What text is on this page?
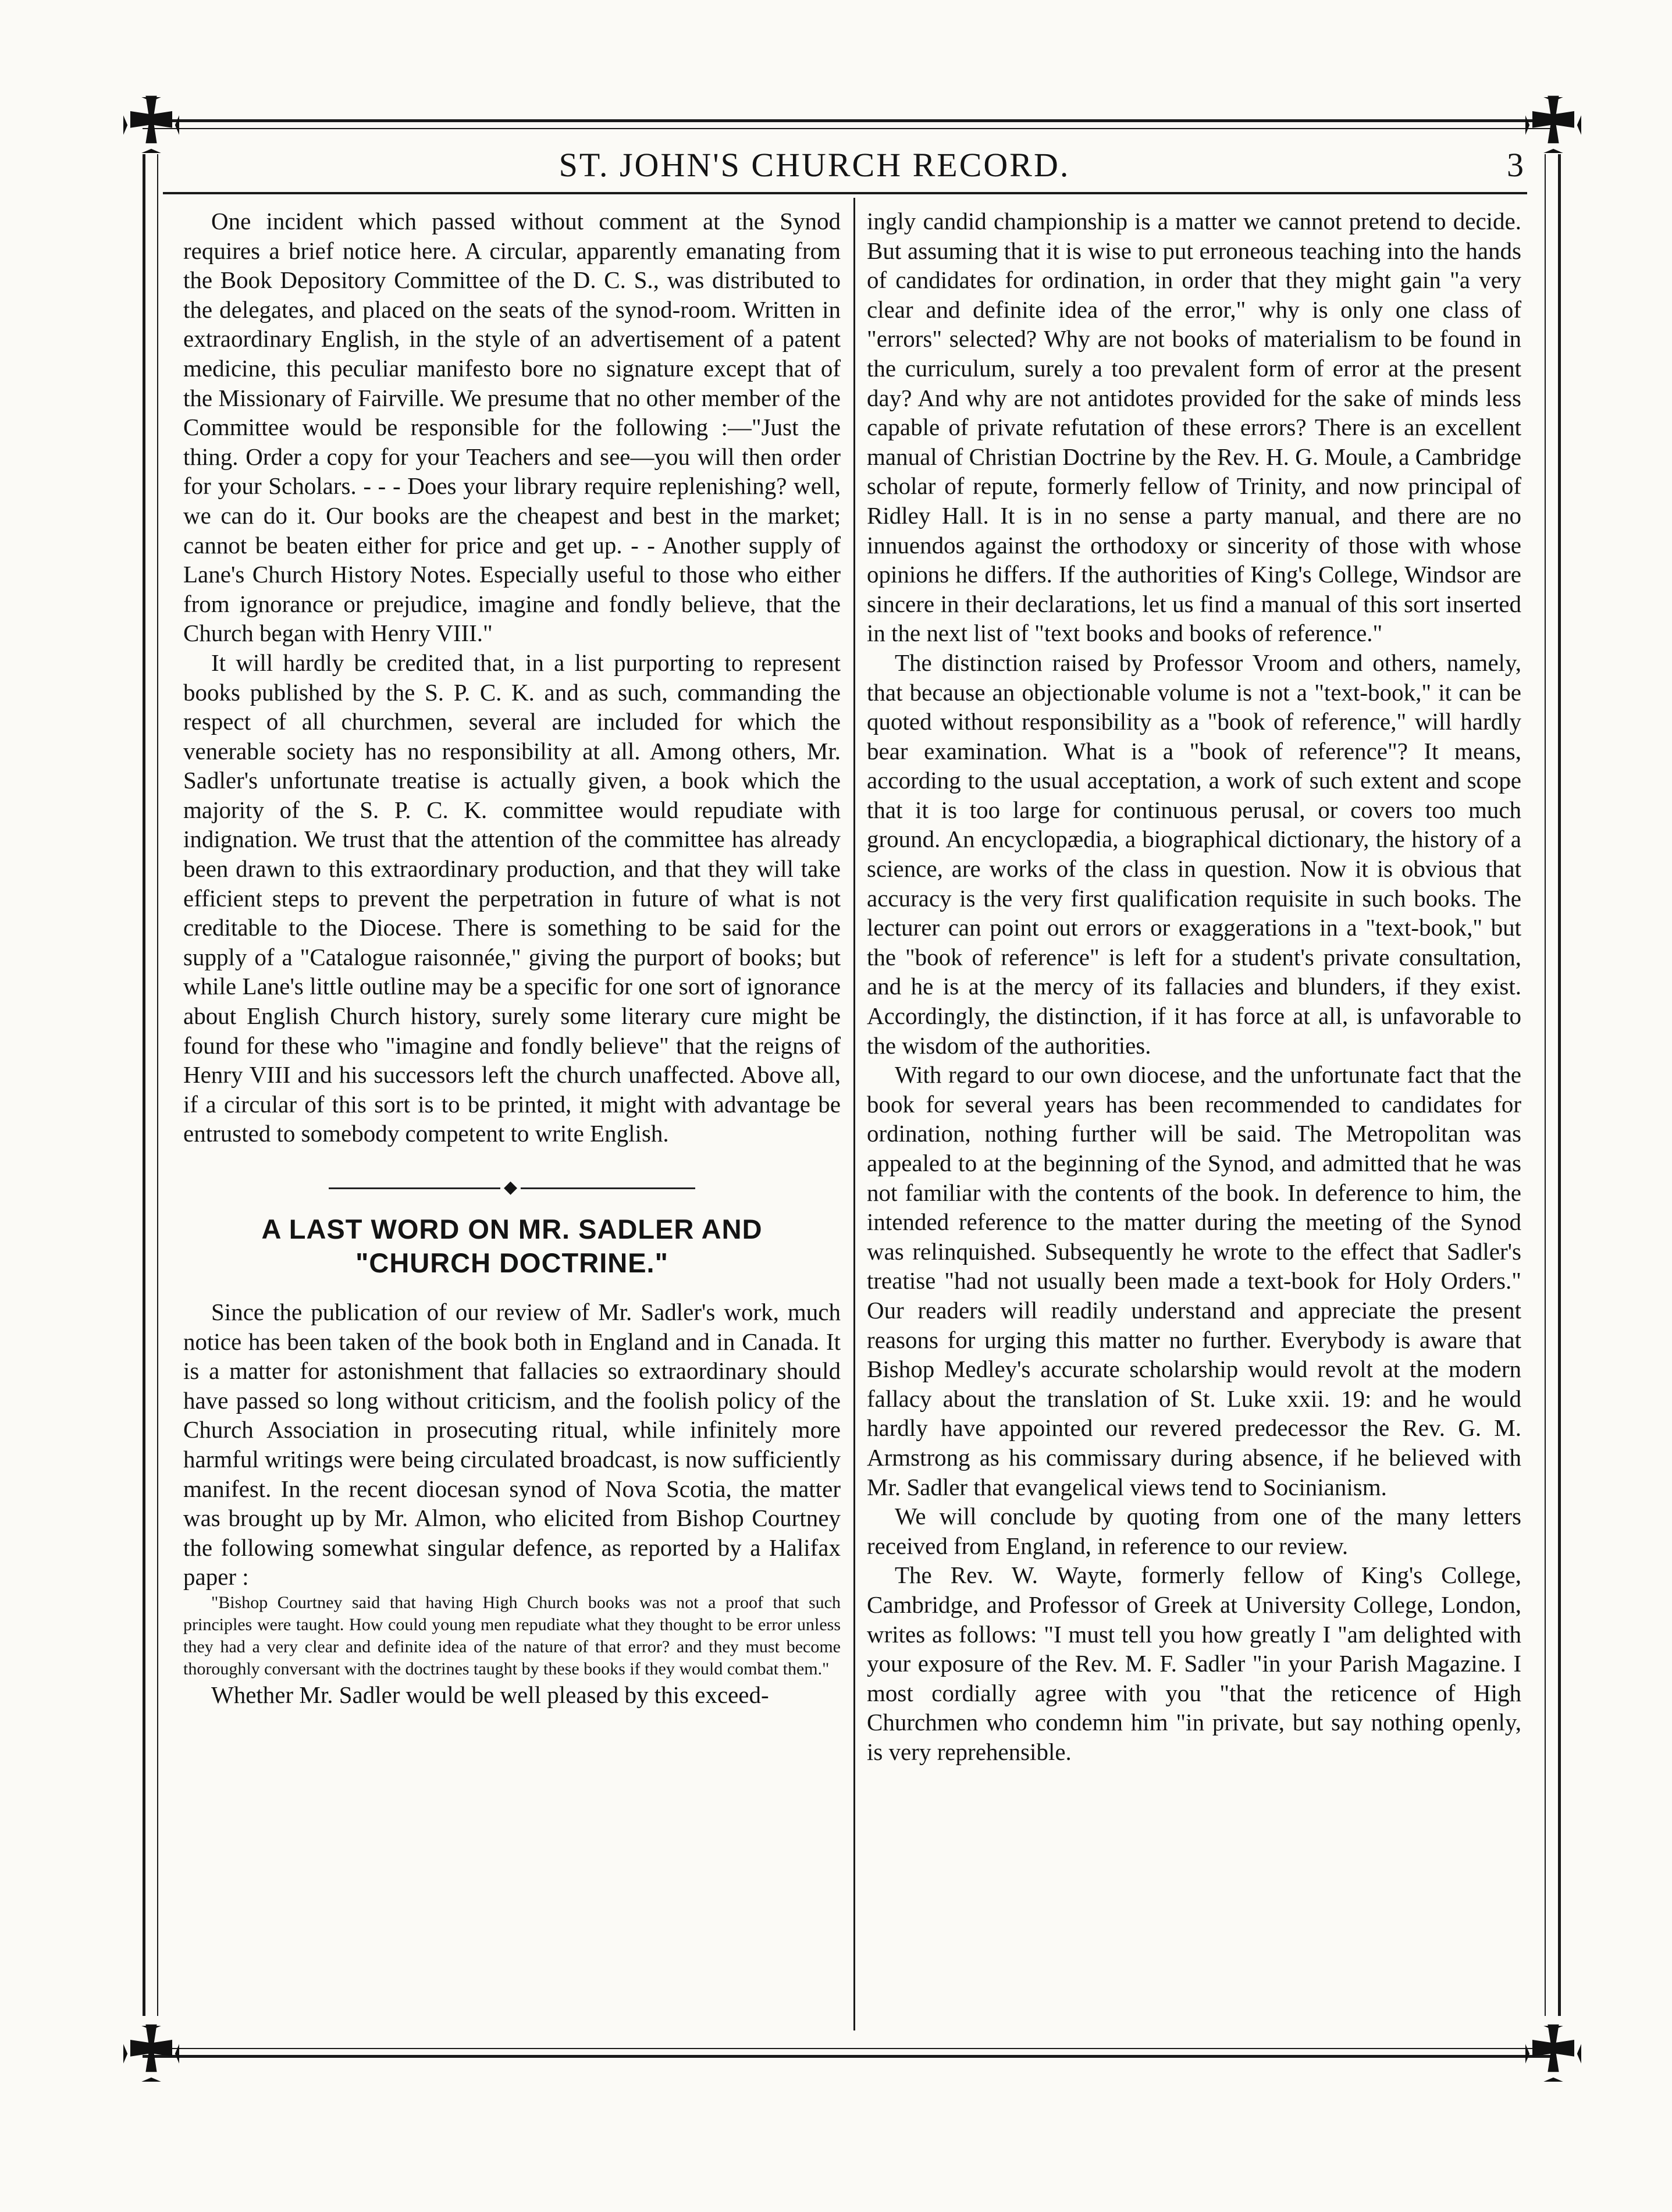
ST. JOHN'S CHURCH RECORD.	3

One incident which passed without comment at the Synod requires a brief notice here. A circular, apparently emanating from the Book Depository Committee of the D. C. S., was distributed to the delegates, and placed on the seats of the synod-room. Written in extraordinary English, in the style of an advertisement of a patent medicine, this peculiar manifesto bore no signature except that of the Missionary of Fairville. We presume that no other member of the Committee would be responsible for the following :—"Just the thing. Order a copy for your Teachers and see—you will then order for your Scholars. - - - Does your library require replenishing? well, we can do it. Our books are the cheapest and best in the market; cannot be beaten either for price and get up. - - Another supply of Lane's Church History Notes. Especially useful to those who either from ignorance or prejudice, imagine and fondly believe, that the Church began with Henry VIII."

It will hardly be credited that, in a list purporting to represent books published by the S. P. C. K. and as such, commanding the respect of all churchmen, several are included for which the venerable society has no responsibility at all. Among others, Mr. Sadler's unfortunate treatise is actually given, a book which the majority of the S. P. C. K. committee would repudiate with indignation. We trust that the attention of the committee has already been drawn to this extraordinary production, and that they will take efficient steps to prevent the perpetration in future of what is not creditable to the Diocese. There is something to be said for the supply of a "Catalogue raisonnée," giving the purport of books; but while Lane's little outline may be a specific for one sort of ignorance about English Church history, surely some literary cure might be found for these who "imagine and fondly believe" that the reigns of Henry VIII and his successors left the church unaffected. Above all, if a circular of this sort is to be printed, it might with advantage be entrusted to somebody competent to write English.

◆
A LAST WORD ON MR. SADLER AND
"CHURCH DOCTRINE."

Since the publication of our review of Mr. Sadler's work, much notice has been taken of the book both in England and in Canada. It is a matter for astonishment that fallacies so extraordinary should have passed so long without criticism, and the foolish policy of the Church Association in prosecuting ritual, while infinitely more harmful writings were being circulated broadcast, is now sufficiently manifest. In the recent diocesan synod of Nova Scotia, the matter was brought up by Mr. Almon, who elicited from Bishop Courtney the following somewhat singular defence, as reported by a Halifax paper :

"Bishop Courtney said that having High Church books was not a proof that such principles were taught. How could young men repudiate what they thought to be error unless they had a very clear and definite idea of the nature of that error? and they must become thoroughly conversant with the doctrines taught by these books if they would combat them."

Whether Mr. Sadler would be well pleased by this exceed-

ingly candid championship is a matter we cannot pretend to decide. But assuming that it is wise to put erroneous teaching into the hands of candidates for ordination, in order that they might gain "a very clear and definite idea of the error," why is only one class of "errors" selected? Why are not books of materialism to be found in the curriculum, surely a too prevalent form of error at the present day? And why are not antidotes provided for the sake of minds less capable of private refutation of these errors? There is an excellent manual of Christian Doctrine by the Rev. H. G. Moule, a Cambridge scholar of repute, formerly fellow of Trinity, and now principal of Ridley Hall. It is in no sense a party manual, and there are no innuendos against the orthodoxy or sincerity of those with whose opinions he differs. If the authorities of King's College, Windsor are sincere in their declarations, let us find a manual of this sort inserted in the next list of "text books and books of reference."

The distinction raised by Professor Vroom and others, namely, that because an objectionable volume is not a "text-book," it can be quoted without responsibility as a "book of reference," will hardly bear examination. What is a "book of reference"? It means, according to the usual acceptation, a work of such extent and scope that it is too large for continuous perusal, or covers too much ground. An encyclopædia, a biographical dictionary, the history of a science, are works of the class in question. Now it is obvious that accuracy is the very first qualification requisite in such books. The lecturer can point out errors or exaggerations in a "text-book," but the "book of reference" is left for a student's private consultation, and he is at the mercy of its fallacies and blunders, if they exist. Accordingly, the distinction, if it has force at all, is unfavorable to the wisdom of the authorities.

With regard to our own diocese, and the unfortunate fact that the book for several years has been recommended to candidates for ordination, nothing further will be said. The Metropolitan was appealed to at the beginning of the Synod, and admitted that he was not familiar with the contents of the book. In deference to him, the intended reference to the matter during the meeting of the Synod was relinquished. Subsequently he wrote to the effect that Sadler's treatise "had not usually been made a text-book for Holy Orders." Our readers will readily understand and appreciate the present reasons for urging this matter no further. Everybody is aware that Bishop Medley's accurate scholarship would revolt at the modern fallacy about the translation of St. Luke xxii. 19: and he would hardly have appointed our revered predecessor the Rev. G. M. Armstrong as his commissary during absence, if he believed with Mr. Sadler that evangelical views tend to Socinianism.

We will conclude by quoting from one of the many letters received from England, in reference to our review.

The Rev. W. Wayte, formerly fellow of King's College, Cambridge, and Professor of Greek at University College, London, writes as follows: "I must tell you how greatly I "am delighted with your exposure of the Rev. M. F. Sadler "in your Parish Magazine. I most cordially agree with you "that the reticence of High Churchmen who condemn him "in private, but say nothing openly, is very reprehensible.
